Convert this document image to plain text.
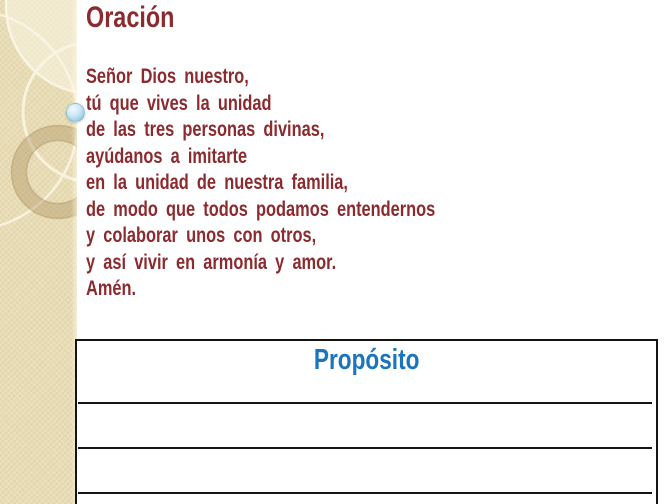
Oración
Señor Dios nuestro,
tú que vives la unidad
de las tres personas divinas,
ayúdanos a imitarte
en la unidad de nuestra familia,
de modo que todos podamos entendernos
y colaborar unos con otros,
y así vivir en armonía y amor.
Amén.
Propósito
